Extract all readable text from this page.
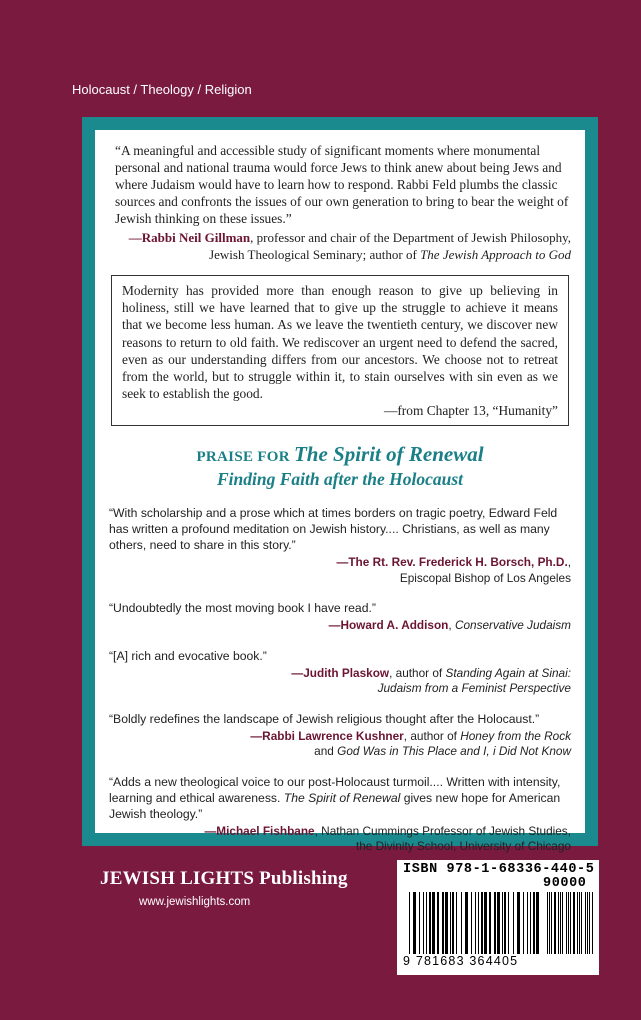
Holocaust / Theology / Religion

“A meaningful and accessible study of significant moments where monumental personal and national trauma would force Jews to think anew about being Jews and where Judaism would have to learn how to respond. Rabbi Feld plumbs the classic sources and confronts the issues of our own generation to bring to bear the weight of Jewish thinking on these issues.”

—Rabbi Neil Gillman, professor and chair of the Department of Jewish Philosophy, Jewish Theological Seminary; author of The Jewish Approach to God

Modernity has provided more than enough reason to give up believing in holiness, still we have learned that to give up the struggle to achieve it means that we become less human. As we leave the twentieth century, we discover new reasons to return to old faith. We rediscover an urgent need to defend the sacred, even as our understanding differs from our ancestors. We choose not to retreat from the world, but to struggle within it, to stain ourselves with sin even as we seek to establish the good.

—from Chapter 13, “Humanity”

PRAISE FOR The Spirit of Renewal
Finding Faith after the Holocaust

“With scholarship and a prose which at times borders on tragic poetry, Edward Feld has written a profound meditation on Jewish history.... Christians, as well as many others, need to share in this story.”

—The Rt. Rev. Frederick H. Borsch, Ph.D.,
Episcopal Bishop of Los Angeles

“Undoubtedly the most moving book I have read.”

—Howard A. Addison, Conservative Judaism

“[A] rich and evocative book.”

—Judith Plaskow, author of Standing Again at Sinai:
Judaism from a Feminist Perspective

“Boldly redefines the landscape of Jewish religious thought after the Holocaust.”

—Rabbi Lawrence Kushner, author of Honey from the Rock
and God Was in This Place and I, i Did Not Know

“Adds a new theological voice to our post-Holocaust turmoil.... Written with intensity, learning and ethical awareness. The Spirit of Renewal gives new hope for American Jewish theology.”

—Michael Fishbane, Nathan Cummings Professor of Jewish Studies,
the Divinity School, University of Chicago

JEWISH LIGHTS Publishing
www.jewishlights.com
ISBN 978-1-68336-440-5
90000
9 781683 364405
